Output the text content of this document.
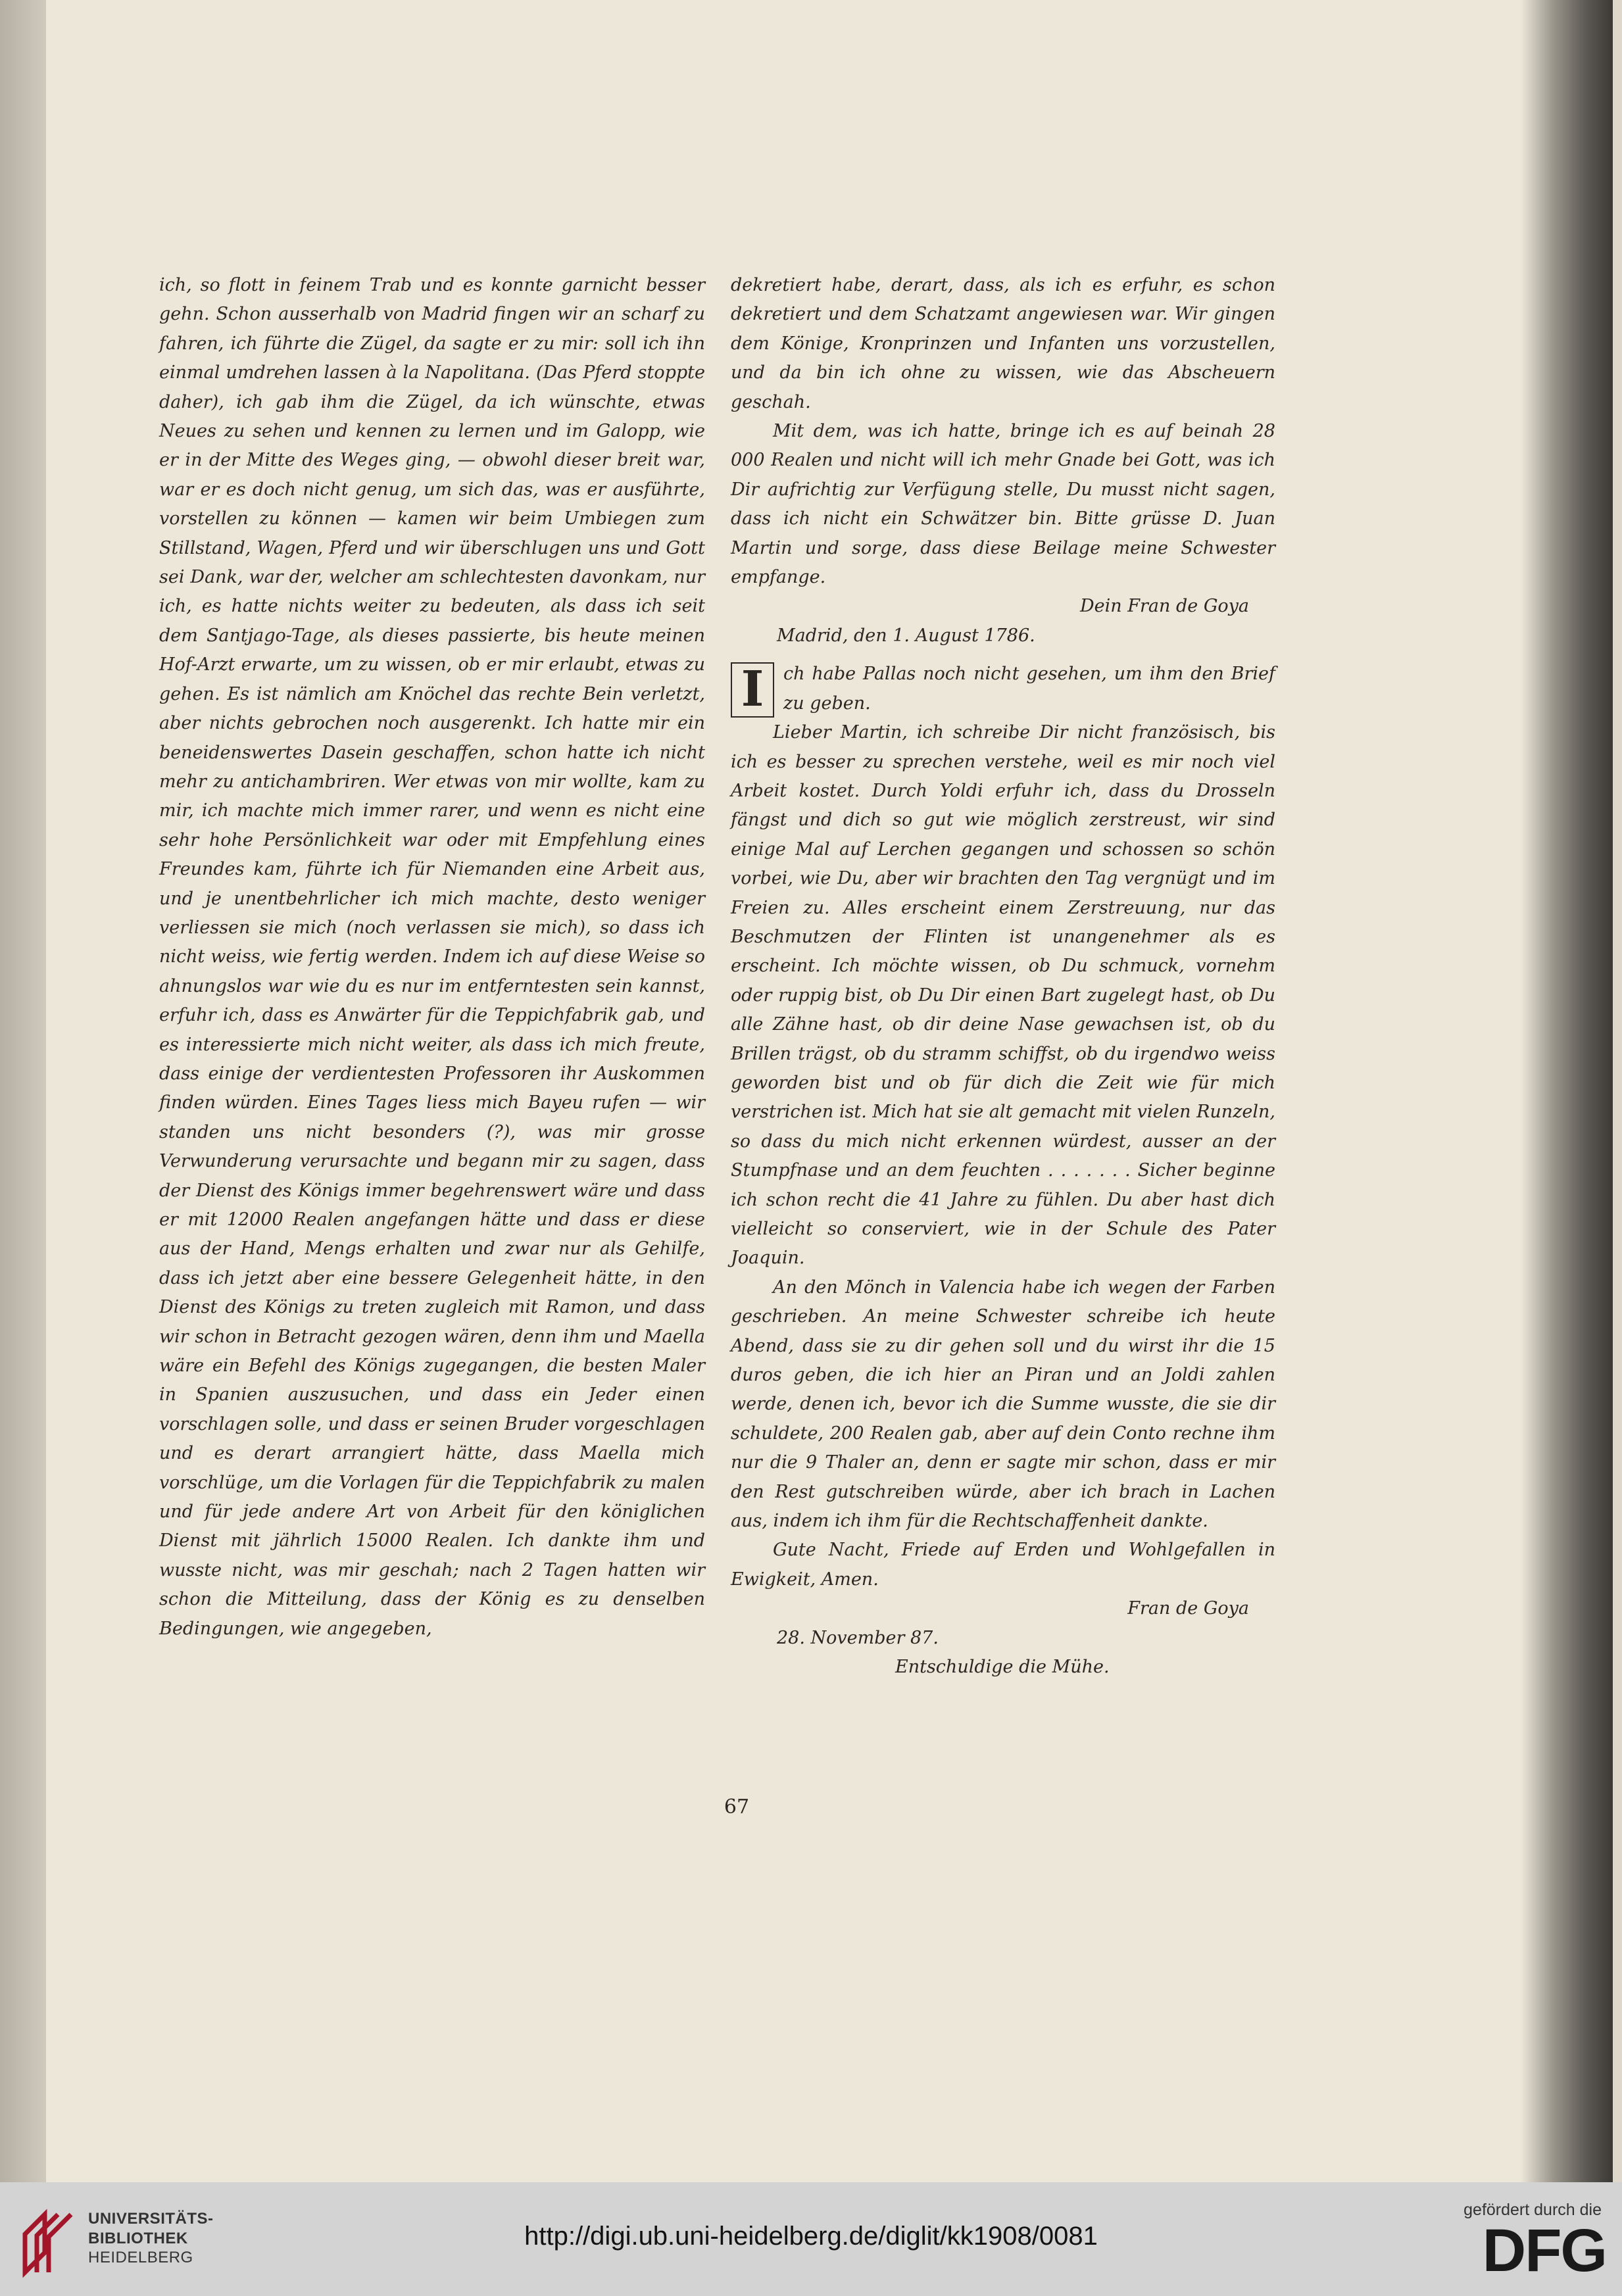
ich, so flott in feinem Trab und es konnte garnicht besser gehn. Schon ausserhalb von Madrid fingen wir an scharf zu fahren, ich führte die Zügel, da sagte er zu mir: soll ich ihn einmal umdrehen lassen à la Napolitana. (Das Pferd stoppte daher), ich gab ihm die Zügel, da ich wünschte, etwas Neues zu sehen und kennen zu lernen und im Galopp, wie er in der Mitte des Weges ging, — obwohl dieser breit war, war er es doch nicht genug, um sich das, was er ausführte, vorstellen zu können — kamen wir beim Umbiegen zum Stillstand, Wagen, Pferd und wir überschlugen uns und Gott sei Dank, war der, welcher am schlechtesten davonkam, nur ich, es hatte nichts weiter zu bedeuten, als dass ich seit dem Santjago-Tage, als dieses passierte, bis heute meinen Hof-Arzt erwarte, um zu wissen, ob er mir erlaubt, etwas zu gehen. Es ist nämlich am Knöchel das rechte Bein verletzt, aber nichts gebrochen noch ausgerenkt. Ich hatte mir ein beneidenswertes Dasein geschaffen, schon hatte ich nicht mehr zu antichambriren. Wer etwas von mir wollte, kam zu mir, ich machte mich immer rarer, und wenn es nicht eine sehr hohe Persönlichkeit war oder mit Empfehlung eines Freundes kam, führte ich für Niemanden eine Arbeit aus, und je unentbehrlicher ich mich machte, desto weniger verliessen sie mich (noch verlassen sie mich), so dass ich nicht weiss, wie fertig werden. Indem ich auf diese Weise so ahnungslos war wie du es nur im entferntesten sein kannst, erfuhr ich, dass es Anwärter für die Teppichfabrik gab, und es interessierte mich nicht weiter, als dass ich mich freute, dass einige der verdientesten Professoren ihr Auskommen finden würden. Eines Tages liess mich Bayeu rufen — wir standen uns nicht besonders (?), was mir grosse Verwunderung verursachte und begann mir zu sagen, dass der Dienst des Königs immer begehrenswert wäre und dass er mit 12000 Realen angefangen hätte und dass er diese aus der Hand, Mengs erhalten und zwar nur als Gehilfe, dass ich jetzt aber eine bessere Gelegenheit hätte, in den Dienst des Königs zu treten zugleich mit Ramon, und dass wir schon in Betracht gezogen wären, denn ihm und Maella wäre ein Befehl des Königs zugegangen, die besten Maler in Spanien auszusuchen, und dass ein Jeder einen vorschlagen solle, und dass er seinen Bruder vorgeschlagen und es derart arrangiert hätte, dass Maella mich vorschlüge, um die Vorlagen für die Teppichfabrik zu malen und für jede andere Art von Arbeit für den königlichen Dienst mit jährlich 15000 Realen. Ich dankte ihm und wusste nicht, was mir geschah; nach 2 Tagen hatten wir schon die Mitteilung, dass der König es zu denselben Bedingungen, wie angegeben,

dekretiert habe, derart, dass, als ich es erfuhr, es schon dekretiert und dem Schatzamt angewiesen war. Wir gingen dem Könige, Kronprinzen und Infanten uns vorzustellen, und da bin ich ohne zu wissen, wie das Abscheuern geschah.

Mit dem, was ich hatte, bringe ich es auf beinah 28 000 Realen und nicht will ich mehr Gnade bei Gott, was ich Dir aufrichtig zur Verfügung stelle, Du musst nicht sagen, dass ich nicht ein Schwätzer bin. Bitte grüsse D. Juan Martin und sorge, dass diese Beilage meine Schwester empfange.

Dein Fran de Goya

Madrid, den 1. August 1786.

I	ch habe Pallas noch nicht gesehen, um ihm den Brief zu geben.

Lieber Martin, ich schreibe Dir nicht französisch, bis ich es besser zu sprechen verstehe, weil es mir noch viel Arbeit kostet. Durch Yoldi erfuhr ich, dass du Drosseln fängst und dich so gut wie möglich zerstreust, wir sind einige Mal auf Lerchen gegangen und schossen so schön vorbei, wie Du, aber wir brachten den Tag vergnügt und im Freien zu. Alles erscheint einem Zerstreuung, nur das Beschmutzen der Flinten ist unangenehmer als es erscheint. Ich möchte wissen, ob Du schmuck, vornehm oder ruppig bist, ob Du Dir einen Bart zugelegt hast, ob Du alle Zähne hast, ob dir deine Nase gewachsen ist, ob du Brillen trägst, ob du stramm schiffst, ob du irgendwo weiss geworden bist und ob für dich die Zeit wie für mich verstrichen ist. Mich hat sie alt gemacht mit vielen Runzeln, so dass du mich nicht erkennen würdest, ausser an der Stumpfnase und an dem feuchten . . . . . . . Sicher beginne ich schon recht die 41 Jahre zu fühlen. Du aber hast dich vielleicht so conserviert, wie in der Schule des Pater Joaquin.

An den Mönch in Valencia habe ich wegen der Farben geschrieben. An meine Schwester schreibe ich heute Abend, dass sie zu dir gehen soll und du wirst ihr die 15 duros geben, die ich hier an Piran und an Joldi zahlen werde, denen ich, bevor ich die Summe wusste, die sie dir schuldete, 200 Realen gab, aber auf dein Conto rechne ihm nur die 9 Thaler an, denn er sagte mir schon, dass er mir den Rest gutschreiben würde, aber ich brach in Lachen aus, indem ich ihm für die Rechtschaffenheit dankte.

Gute Nacht, Friede auf Erden und Wohlgefallen in Ewigkeit, Amen.

Fran de Goya

28. November 87.

Entschuldige die Mühe.

67
UNIVERSITÄTS-
BIBLIOTHEK
HEIDELBERG
http://digi.ub.uni-heidelberg.de/diglit/kk1908/0081
gefördert durch die
DFG
